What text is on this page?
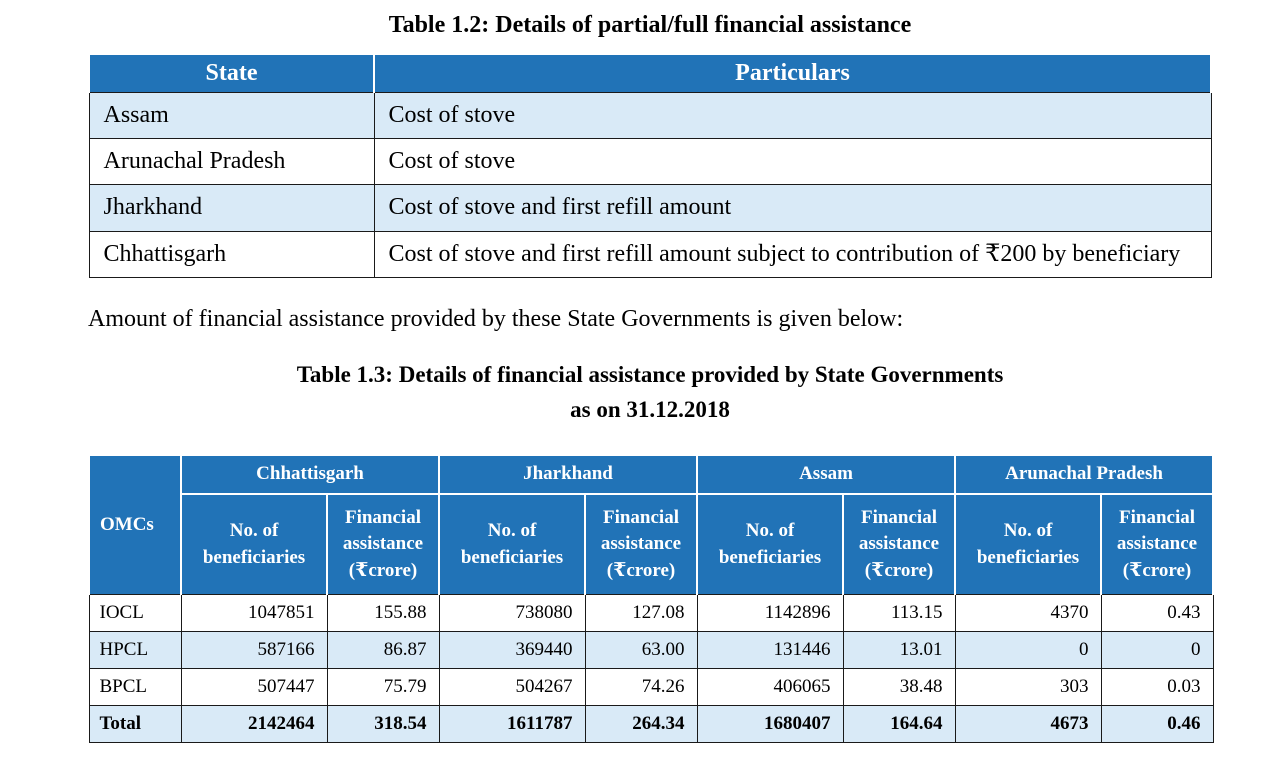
Table 1.2: Details of partial/full financial assistance
State	Particulars
Assam	Cost of stove
Arunachal Pradesh	Cost of stove
Jharkhand	Cost of stove and first refill amount
Chhattisgarh	Cost of stove and first refill amount subject to contribution of ₹200 by beneficiary
Amount of financial assistance provided by these State Governments is given below:
Table 1.3: Details of financial assistance provided by State Governments
as on 31.12.2018
OMCs	Chhattisgarh		Jharkhand		Assam		Arunachal Pradesh	
	No. of beneficiaries	Financial assistance (₹crore)	No. of beneficiaries	Financial assistance (₹crore)	No. of beneficiaries	Financial assistance (₹crore)	No. of beneficiaries	Financial assistance (₹crore)
IOCL	1047851	155.88	738080	127.08	1142896	113.15	4370	0.43
HPCL	587166	86.87	369440	63.00	131446	13.01	0	0
BPCL	507447	75.79	504267	74.26	406065	38.48	303	0.03
Total	2142464	318.54	1611787	264.34	1680407	164.64	4673	0.46
